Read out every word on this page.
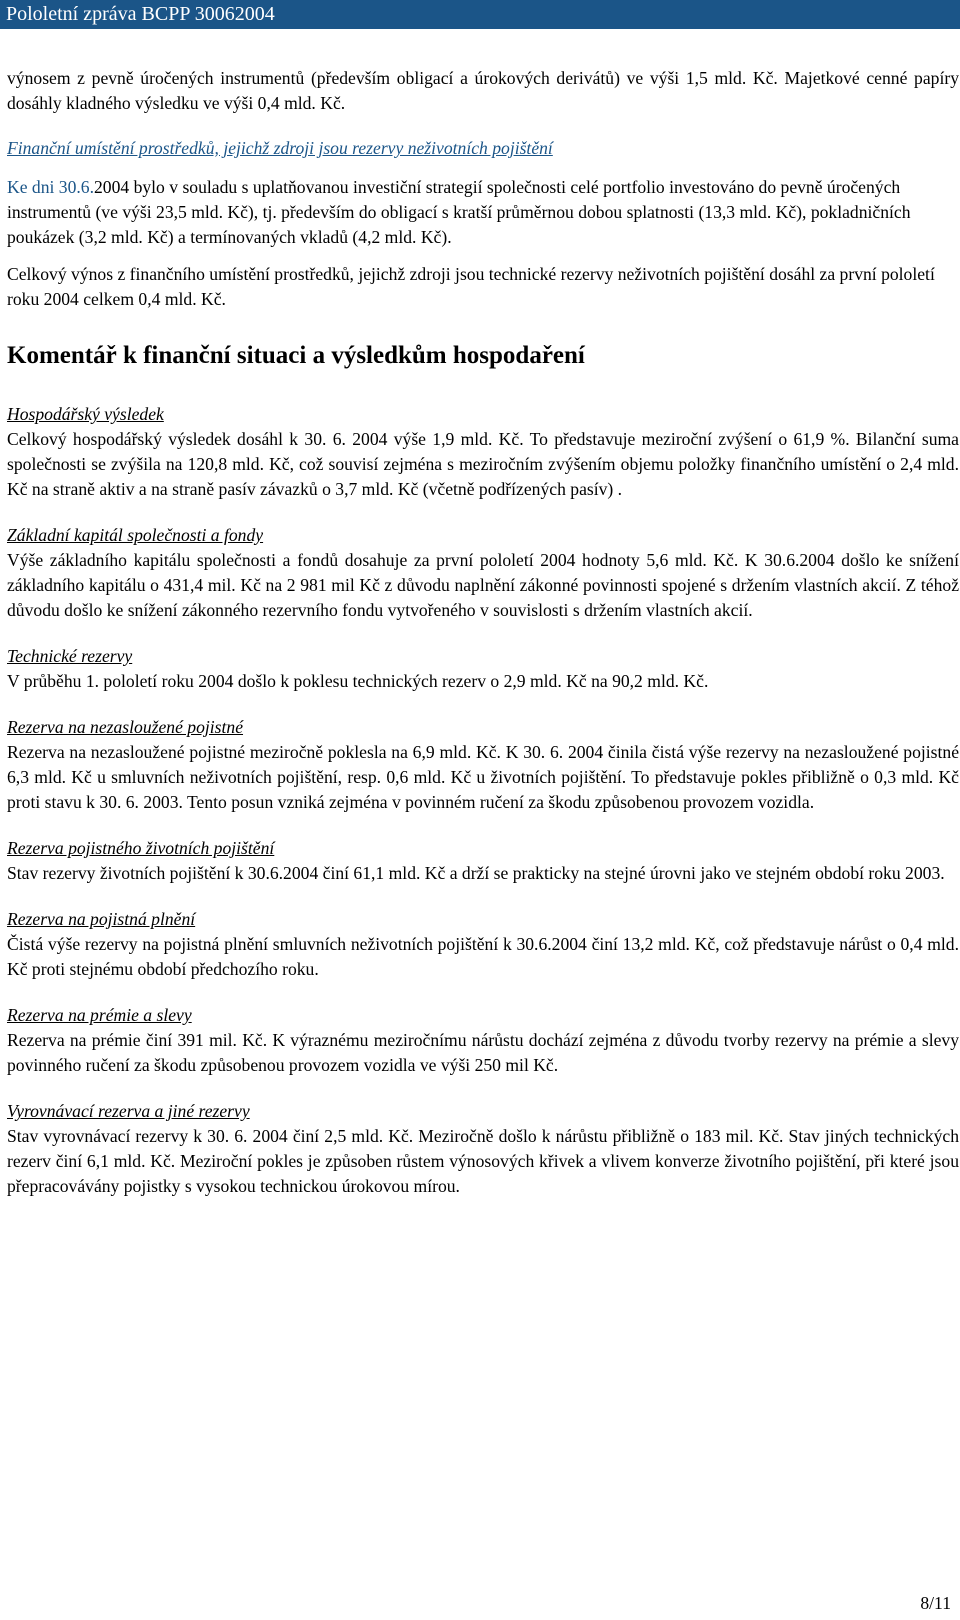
Pololetní zpráva BCPP 30062004

výnosem z pevně úročených instrumentů (především obligací a úrokových derivátů) ve výši 1,5 mld. Kč. Majetkové cenné papíry dosáhly kladného výsledku ve výši 0,4 mld. Kč.

Finanční umístění prostředků, jejichž zdroji jsou rezervy neživotních pojištění

Ke dni 30.6.2004 bylo v souladu s uplatňovanou investiční strategií společnosti celé portfolio investováno do pevně úročených instrumentů (ve výši 23,5 mld. Kč), tj. především do obligací s kratší průměrnou dobou splatnosti (13,3 mld. Kč), pokladničních poukázek (3,2 mld. Kč) a termínovaných vkladů (4,2 mld. Kč).

Celkový výnos z finančního umístění prostředků, jejichž zdroji jsou technické rezervy neživotních pojištění dosáhl za první pololetí roku 2004 celkem 0,4 mld. Kč.

Komentář k finanční situaci a výsledkům hospodaření

Hospodářský výsledek

Celkový hospodářský výsledek dosáhl k 30. 6. 2004 výše 1,9 mld. Kč. To představuje meziroční zvýšení o 61,9 %. Bilanční suma společnosti se zvýšila na 120,8 mld. Kč, což souvisí zejména s meziročním zvýšením objemu položky finančního umístění o 2,4 mld. Kč na straně aktiv a na straně pasív závazků o 3,7 mld. Kč (včetně podřízených pasív) .

Základní kapitál společnosti a fondy

Výše základního kapitálu společnosti a fondů dosahuje za první pololetí 2004 hodnoty 5,6 mld. Kč. K 30.6.2004 došlo ke snížení základního kapitálu o 431,4 mil. Kč na 2 981 mil Kč z důvodu naplnění zákonné povinnosti spojené s držením vlastních akcií. Z téhož důvodu došlo ke snížení zákonného rezervního fondu vytvořeného v souvislosti s držením vlastních akcií.

Technické rezervy

V průběhu 1. pololetí roku 2004 došlo k poklesu technických rezerv o 2,9 mld. Kč na 90,2 mld. Kč.

Rezerva na nezasloužené pojistné

Rezerva na nezasloužené pojistné meziročně poklesla na 6,9 mld. Kč. K 30. 6. 2004 činila čistá výše rezervy na nezasloužené pojistné 6,3 mld. Kč u smluvních neživotních pojištění, resp. 0,6 mld. Kč u životních pojištění. To představuje pokles přibližně o 0,3 mld. Kč proti stavu k 30. 6. 2003. Tento posun vzniká zejména v povinném ručení za škodu způsobenou provozem vozidla.

Rezerva pojistného životních pojištění

Stav rezervy životních pojištění k 30.6.2004 činí 61,1 mld. Kč a drží se prakticky na stejné úrovni jako ve stejném období roku 2003.

Rezerva na pojistná plnění

Čistá výše rezervy na pojistná plnění smluvních neživotních pojištění k 30.6.2004 činí 13,2 mld. Kč, což představuje nárůst o 0,4 mld. Kč proti stejnému období předchozího roku.

Rezerva na prémie a slevy

Rezerva na prémie činí 391 mil. Kč. K výraznému meziročnímu nárůstu dochází zejména z důvodu tvorby rezervy na prémie a slevy povinného ručení za škodu způsobenou provozem vozidla ve výši 250 mil Kč.

Vyrovnávací rezerva a jiné rezervy

Stav vyrovnávací rezervy k 30. 6. 2004 činí 2,5 mld. Kč. Meziročně došlo k nárůstu přibližně o 183 mil. Kč. Stav jiných technických rezerv činí 6,1 mld. Kč. Meziroční pokles je způsoben růstem výnosových křivek a vlivem konverze životního pojištění, při které jsou přepracovávány pojistky s vysokou technickou úrokovou mírou.

8/11
